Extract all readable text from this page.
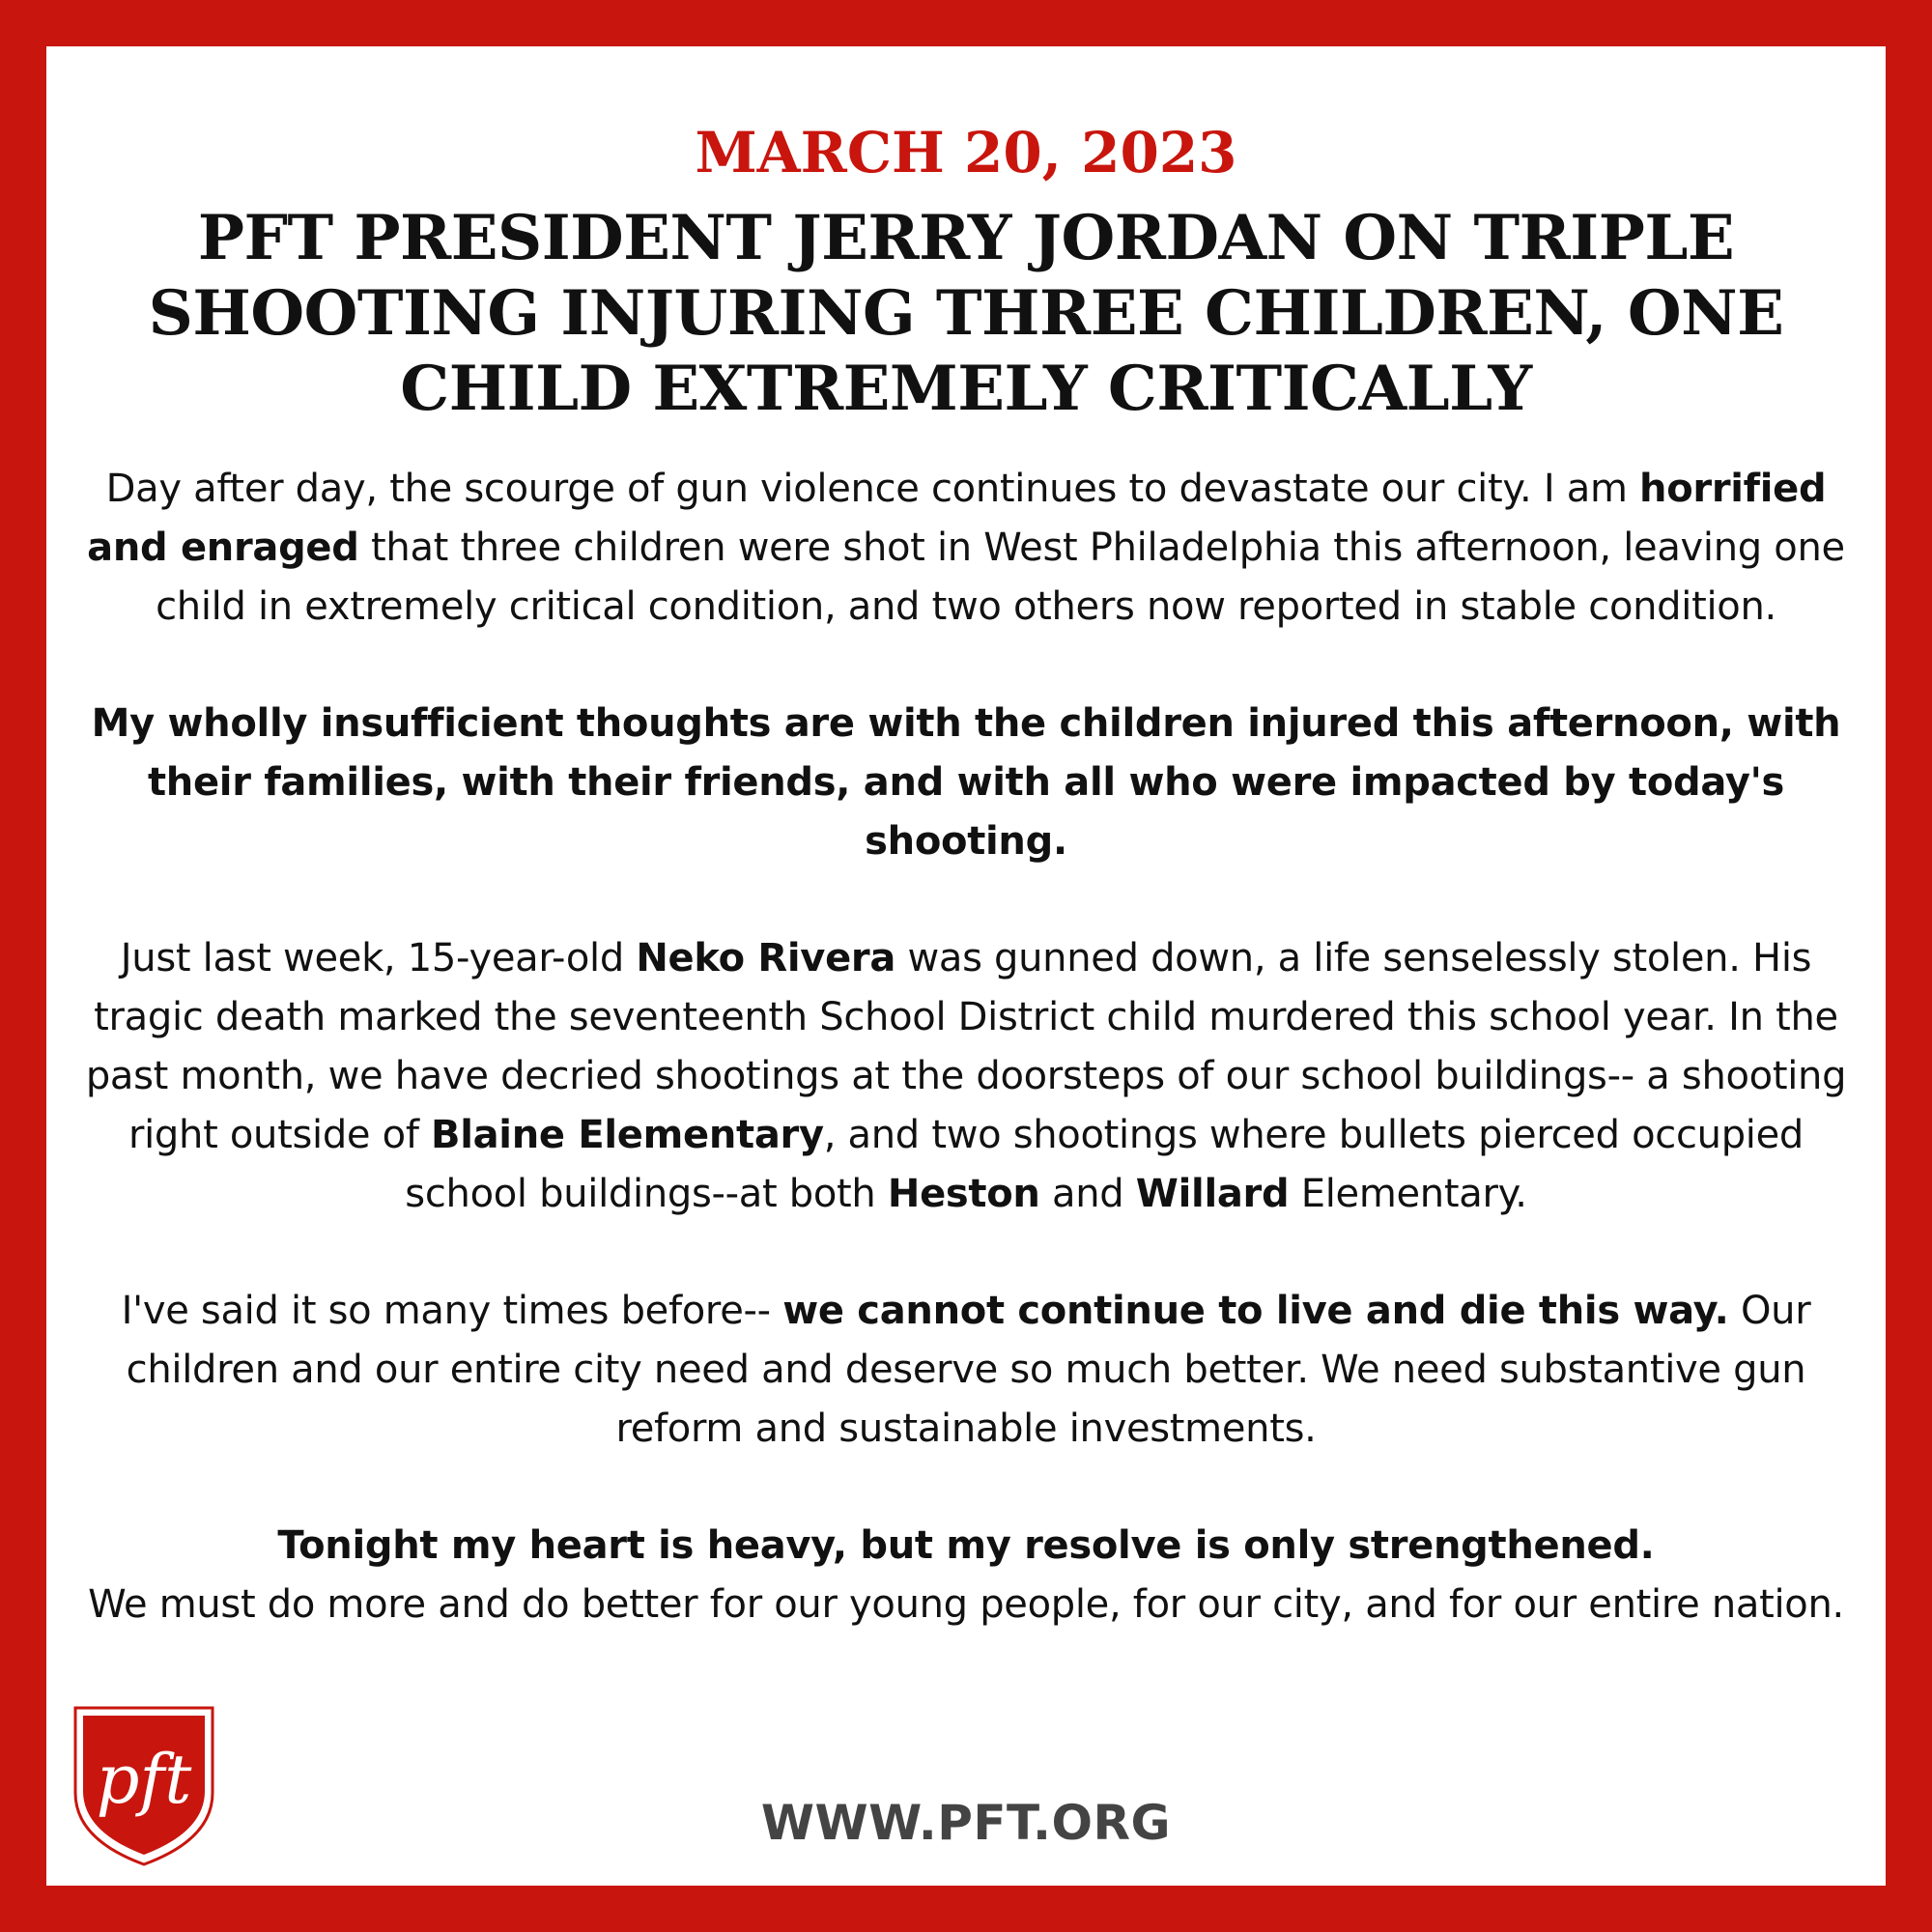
MARCH 20, 2023
PFT PRESIDENT JERRY JORDAN ON TRIPLE SHOOTING INJURING THREE CHILDREN, ONE CHILD EXTREMELY CRITICALLY

Day after day, the scourge of gun violence continues to devastate our city. I am horrified and enraged that three children were shot in West Philadelphia this afternoon, leaving one child in extremely critical condition, and two others now reported in stable condition.

My wholly insufficient thoughts are with the children injured this afternoon, with their families, with their friends, and with all who were impacted by today's shooting.

Just last week, 15-year-old Neko Rivera was gunned down, a life senselessly stolen. His tragic death marked the seventeenth School District child murdered this school year. In the past month, we have decried shootings at the doorsteps of our school buildings-- a shooting right outside of Blaine Elementary, and two shootings where bullets pierced occupied school buildings--at both Heston and Willard Elementary.

I've said it so many times before-- we cannot continue to live and die this way. Our children and our entire city need and deserve so much better. We need substantive gun reform and sustainable investments.

Tonight my heart is heavy, but my resolve is only strengthened.
We must do more and do better for our young people, for our city, and for our entire nation.

pft
WWW.PFT.ORG
